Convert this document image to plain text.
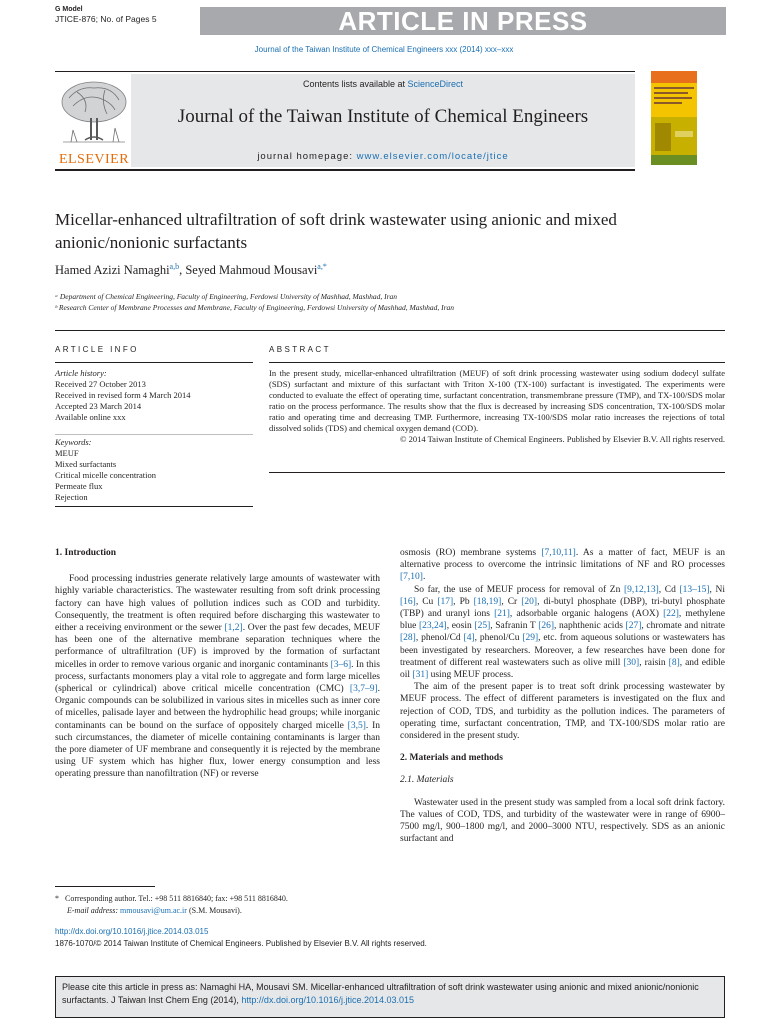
G Model
JTICE-876; No. of Pages 5	ARTICLE IN PRESS
Journal of the Taiwan Institute of Chemical Engineers xxx (2014) xxx–xxx
ELSEVIER
Contents lists available at ScienceDirect
Journal of the Taiwan Institute of Chemical Engineers
journal homepage: www.elsevier.com/locate/jtice
Micellar-enhanced ultrafiltration of soft drink wastewater using anionic and mixed anionic/nonionic surfactants
Hamed Azizi Namaghi$^{a,b}$, Seyed Mahmoud Mousavi$^{a,*}$
ᵃ Department of Chemical Engineering, Faculty of Engineering, Ferdowsi University of Mashhad, Mashhad, Iran
ᵇ Research Center of Membrane Processes and Membrane, Faculty of Engineering, Ferdowsi University of Mashhad, Mashhad, Iran
ARTICLE INFO	ABSTRACT
Article history:
Received 27 October 2013
Received in revised form 4 March 2014
Accepted 23 March 2014
Available online xxx
Keywords:
MEUF
Mixed surfactants
Critical micelle concentration
Permeate flux
Rejection
In the present study, micellar-enhanced ultrafiltration (MEUF) of soft drink processing wastewater using sodium dodecyl sulfate (SDS) surfactant and mixture of this surfactant with Triton X-100 (TX-100) surfactant is investigated. The experiments were conducted to evaluate the effect of operating time, surfactant concentration, transmembrane pressure (TMP), and TX-100/SDS molar ratio on the process performance. The results show that the flux is decreased by increasing SDS concentration, TX-100/SDS molar ratio and operating time and decreasing TMP. Furthermore, increasing TX-100/SDS molar ratio increases the rejections of total dissolved solids (TDS) and chemical oxygen demand (COD).
© 2014 Taiwan Institute of Chemical Engineers. Published by Elsevier B.V. All rights reserved.
1. Introduction

Food processing industries generate relatively large amounts of wastewater with highly variable characteristics. The wastewater resulting from soft drink processing factory can have high values of pollution indices such as COD and turbidity. Consequently, the treatment is often required before discharging this wastewater to either a receiving environment or the sewer [1,2]. Over the past few decades, MEUF has been one of the alternative membrane separation techniques where the performance of ultrafiltration (UF) is improved by the formation of surfactant micelles in order to remove various organic and inorganic contaminants [3–6]. In this process, surfactants monomers play a vital role to aggregate and form large micelles (spherical or cylindrical) above critical micelle concentration (CMC) [3,7–9]. Organic compounds can be solubilized in various sites in micelles such as inner core of micelles, palisade layer and between the hydrophilic head groups; while inorganic contaminants can be bound on the surface of oppositely charged micelle [3,5]. In such circumstances, the diameter of micelle containing contaminants is larger than the pore diameter of UF membrane and consequently it is rejected by the membrane using UF system which has higher flux, lower energy consumption and less operating pressure than nanofiltration (NF) or reverse

osmosis (RO) membrane systems [7,10,11]. As a matter of fact, MEUF is an alternative process to overcome the intrinsic limitations of NF and RO processes [7,10].

So far, the use of MEUF process for removal of Zn [9,12,13], Cd [13–15], Ni [16], Cu [17], Pb [18,19], Cr [20], di-butyl phosphate (DBP), tri-butyl phosphate (TBP) and uranyl ions [21], adsorbable organic halogens (AOX) [22], methylene blue [23,24], eosin [25], Safranin T [26], naphthenic acids [27], chromate and nitrate [28], phenol/Cd [4], phenol/Cu [29], etc. from aqueous solutions or wastewaters has been investigated by researchers. Moreover, a few researches have been done for treatment of different real wastewaters such as olive mill [30], raisin [8], and edible oil [31] using MEUF process.

The aim of the present paper is to treat soft drink processing wastewater by MEUF process. The effect of different parameters is investigated on the flux and rejection of COD, TDS, and turbidity as the pollution indices. The parameters of operating time, surfactant concentration, TMP, and TX-100/SDS molar ratio are considered in the present study.

2. Materials and methods
2.1. Materials

Wastewater used in the present study was sampled from a local soft drink factory. The values of COD, TDS, and turbidity of the wastewater were in range of 6900–7500 mg/l, 900–1800 mg/l, and 2000–3000 NTU, respectively. SDS as an anionic surfactant and

* Corresponding author. Tel.: +98 511 8816840; fax: +98 511 8816840.
E-mail address: mmousavi@um.ac.ir (S.M. Mousavi).
http://dx.doi.org/10.1016/j.jtice.2014.03.015
1876-1070/© 2014 Taiwan Institute of Chemical Engineers. Published by Elsevier B.V. All rights reserved.
Please cite this article in press as: Namaghi HA, Mousavi SM. Micellar-enhanced ultrafiltration of soft drink wastewater using anionic and mixed anionic/nonionic surfactants. J Taiwan Inst Chem Eng (2014), http://dx.doi.org/10.1016/j.jtice.2014.03.015
